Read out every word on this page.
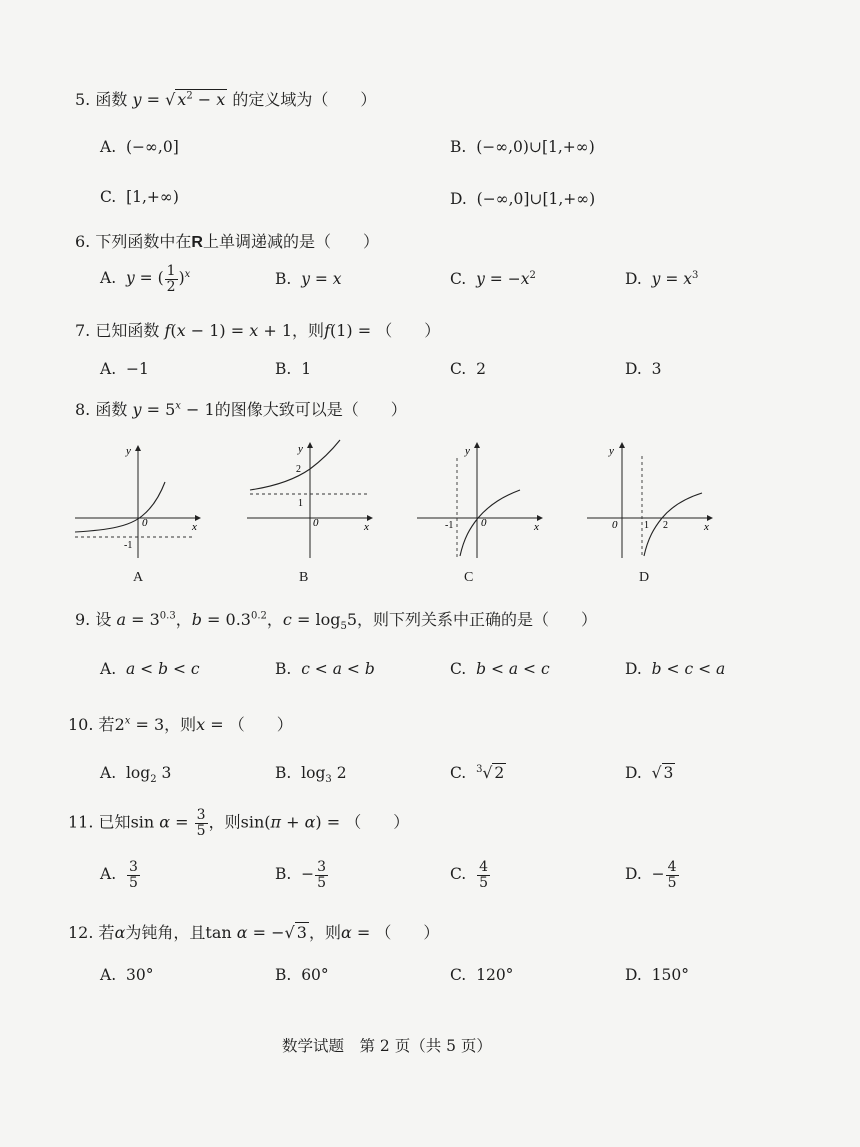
5. 函数 y = √ $x^2 - x$ 的定义域为（　　）
A. (−∞,0]	B. (−∞,0)∪[1,+∞)
C. [1,+∞)	D. (−∞,0]∪[1,+∞)
6. 下列函数中在R上单调递减的是（　　）
A. y = ( $\frac{1}{2} )^x$	B. y = x	C. $y = -x^2$	D. $y = x^3$
7. 已知函数 f(x − 1) = x + 1，则f(1) = （　　）
A. −1	B. 1	C. 2	D. 3
8. 函数 $y = 5^x - 1$的图像大致可以是（　　）
y
0	x
-1
A
y
2
1
0	x
B
y
-1	0	x
C
y
0	1 2	x
D
9. 设 $a = 3^{0.3}$，$b = 0.3^{0.2}$，$c = \log_55$，则下列关系中正确的是（　　）
A. a < b < c	B. c < a < b	C. b < a < c	D. b < c < a
10. 若$2^x = 3$，则x = （　　）
A.  $\log_2 3$	B.  $\log_3 2$	C. $^3$√ 2	D.  √ 3
11. 已知$\sin \alpha = \frac{3}{5}$ ，则sin(π + α) = （　　）
A. $\frac{3}{5}$	B.  − $\frac{3}{5}$	C. $\frac{4}{5}$	D.  − $\frac{4}{5}$
12. 若α为钝角，且tan α = −√ 3 ，则α = （　　）
A. 30°	B. 60°	C. 120°	D. 150°
数学试题　第 2 页（共 5 页）
